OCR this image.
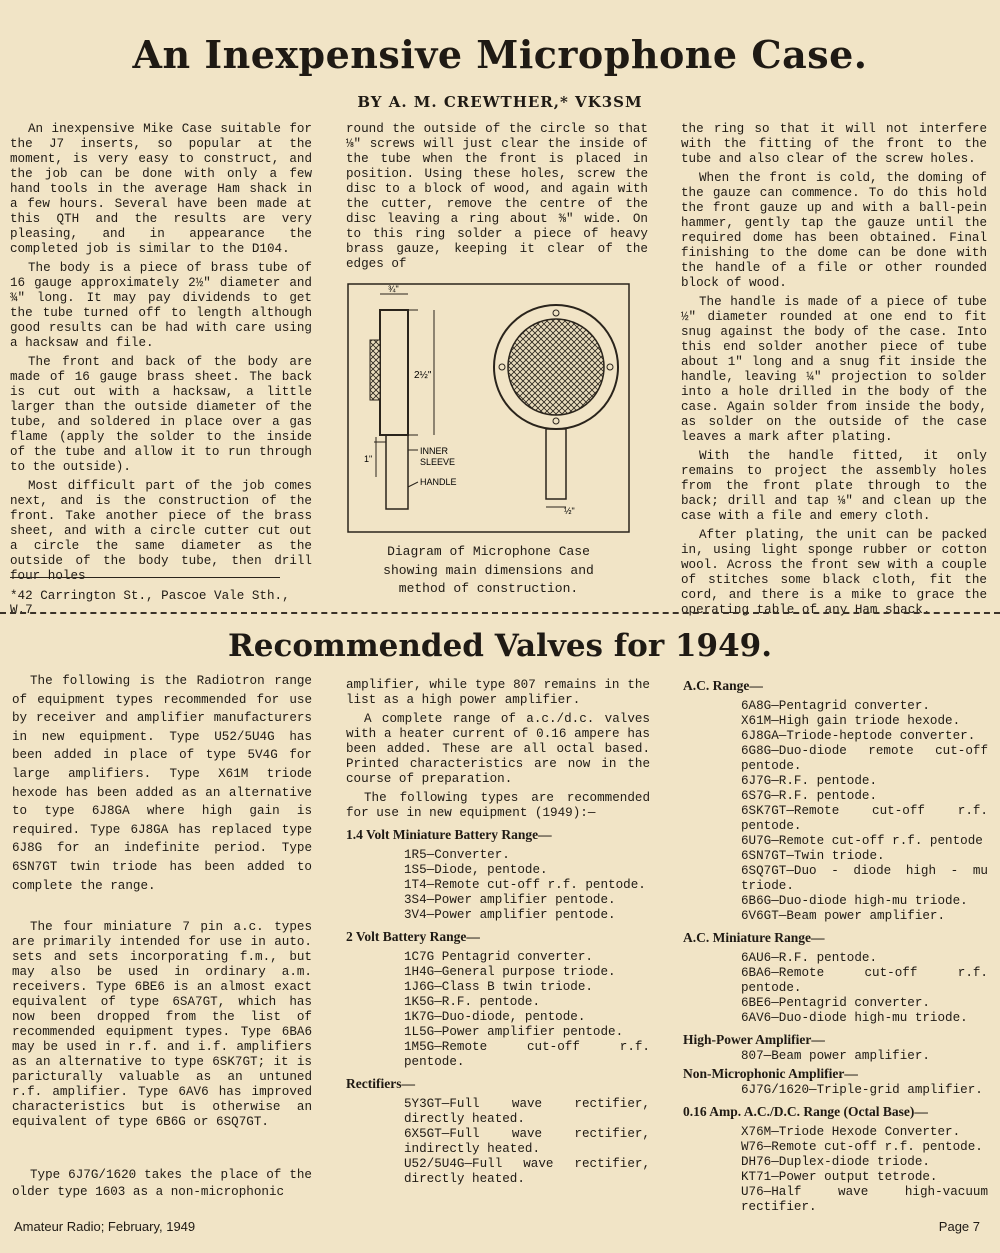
An Inexpensive Microphone Case.
BY A. M. CREWTHER,* VK3SM

An inexpensive Mike Case suitable for the J7 inserts, so popular at the moment, is very easy to construct, and the job can be done with only a few hand tools in the average Ham shack in a few hours. Several have been made at this QTH and the results are very pleasing, and in appearance the completed job is similar to the D104.

The body is a piece of brass tube of 16 gauge approximately 2½" diameter and ¾" long. It may pay dividends to get the tube turned off to length although good results can be had with care using a hacksaw and file.

The front and back of the body are made of 16 gauge brass sheet. The back is cut out with a hacksaw, a little larger than the outside diameter of the tube, and soldered in place over a gas flame (apply the solder to the inside of the tube and allow it to run through to the outside).

Most difficult part of the job comes next, and is the construction of the front. Take another piece of the brass sheet, and with a circle cutter cut out a circle the same diameter as the outside of the body tube, then drill four holes

*42 Carrington St., Pascoe Vale Sth., W.7

round the outside of the circle so that ⅛" screws will just clear the inside of the tube when the front is placed in position. Using these holes, screw the disc to a block of wood, and again with the cutter, remove the centre of the disc leaving a ring about ⅜" wide. On to this ring solder a piece of heavy brass gauze, keeping it clear of the edges of

¾"
2½"
1"
INNER
SLEEVE
HANDLE
½"
Diagram of Microphone Case
showing main dimensions and
method of construction.

the ring so that it will not interfere with the fitting of the front to the tube and also clear of the screw holes.

When the front is cold, the doming of the gauze can commence. To do this hold the front gauze up and with a ball-pein hammer, gently tap the gauze until the required dome has been obtained. Final finishing to the dome can be done with the handle of a file or other rounded block of wood.

The handle is made of a piece of tube ½" diameter rounded at one end to fit snug against the body of the case. Into this end solder another piece of tube about 1" long and a snug fit inside the handle, leaving ¼" projection to solder into a hole drilled in the body of the case. Again solder from inside the body, as solder on the outside of the case leaves a mark after plating.

With the handle fitted, it only remains to project the assembly holes from the front plate through to the back; drill and tap ⅛" and clean up the case with a file and emery cloth.

After plating, the unit can be packed in, using light sponge rubber or cotton wool. Across the front sew with a couple of stitches some black cloth, fit the cord, and there is a mike to grace the operating table of any Ham shack.

Recommended Valves for 1949.

The following is the Radiotron range of equipment types recommended for use by receiver and amplifier manufacturers in new equipment. Type U52/5U4G has been added in place of type 5V4G for large amplifiers. Type X61M triode hexode has been added as an alternative to type 6J8GA where high gain is required. Type 6J8GA has replaced type 6J8G for an indefinite period. Type 6SN7GT twin triode has been added to complete the range.

The four miniature 7 pin a.c. types are primarily intended for use in auto. sets and sets incorporating f.m., but may also be used in ordinary a.m. receivers. Type 6BE6 is an almost exact equivalent of type 6SA7GT, which has now been dropped from the list of recommended equipment types. Type 6BA6 may be used in r.f. and i.f. amplifiers as an alternative to type 6SK7GT; it is paricturally valuable as an untuned r.f. amplifier. Type 6AV6 has improved characteristics but is otherwise an equivalent of type 6B6G or 6SQ7GT.

Type 6J7G/1620 takes the place of the older type 1603 as a non-microphonic

amplifier, while type 807 remains in the list as a high power amplifier.

A complete range of a.c./d.c. valves with a heater current of 0.16 ampere has been added. These are all octal based. Printed characteristics are now in the course of preparation.

The following types are recommended for use in new equipment (1949):—

1.4 Volt Miniature Battery Range—
1R5—Converter.
1S5—Diode, pentode.
1T4—Remote cut-off r.f. pentode.
3S4—Power amplifier pentode.
3V4—Power amplifier pentode.
2 Volt Battery Range—
1C7G Pentagrid converter.
1H4G—General purpose triode.
1J6G—Class B twin triode.
1K5G—R.F. pentode.
1K7G—Duo-diode, pentode.
1L5G—Power amplifier pentode.
1M5G—Remote cut-off r.f. pentode.
Rectifiers—
5Y3GT—Full wave rectifier, directly heated.
6X5GT—Full wave rectifier, indirectly heated.
U52/5U4G—Full wave rectifier, directly heated.
A.C. Range—
6A8G—Pentagrid converter.
X61M—High gain triode hexode.
6J8GA—Triode-heptode converter.
6G8G—Duo-diode remote cut-off pentode.
6J7G—R.F. pentode.
6S7G—R.F. pentode.
6SK7GT—Remote cut-off r.f. pentode.
6U7G—Remote cut-off r.f. pentode
6SN7GT—Twin triode.
6SQ7GT—Duo - diode high - mu triode.
6B6G—Duo-diode high-mu triode.
6V6GT—Beam power amplifier.
A.C. Miniature Range—
6AU6—R.F. pentode.
6BA6—Remote cut-off r.f. pentode.
6BE6—Pentagrid converter.
6AV6—Duo-diode high-mu triode.
High-Power Amplifier—
807—Beam power amplifier.
Non-Microphonic Amplifier—
6J7G/1620—Triple-grid amplifier.
0.16 Amp. A.C./D.C. Range (Octal Base)—
X76M—Triode Hexode Converter.
W76—Remote cut-off r.f. pentode.
DH76—Duplex-diode triode.
KT71—Power output tetrode.
U76—Half wave high-vacuum rectifier.
Amateur Radio; February, 1949	Page 7
